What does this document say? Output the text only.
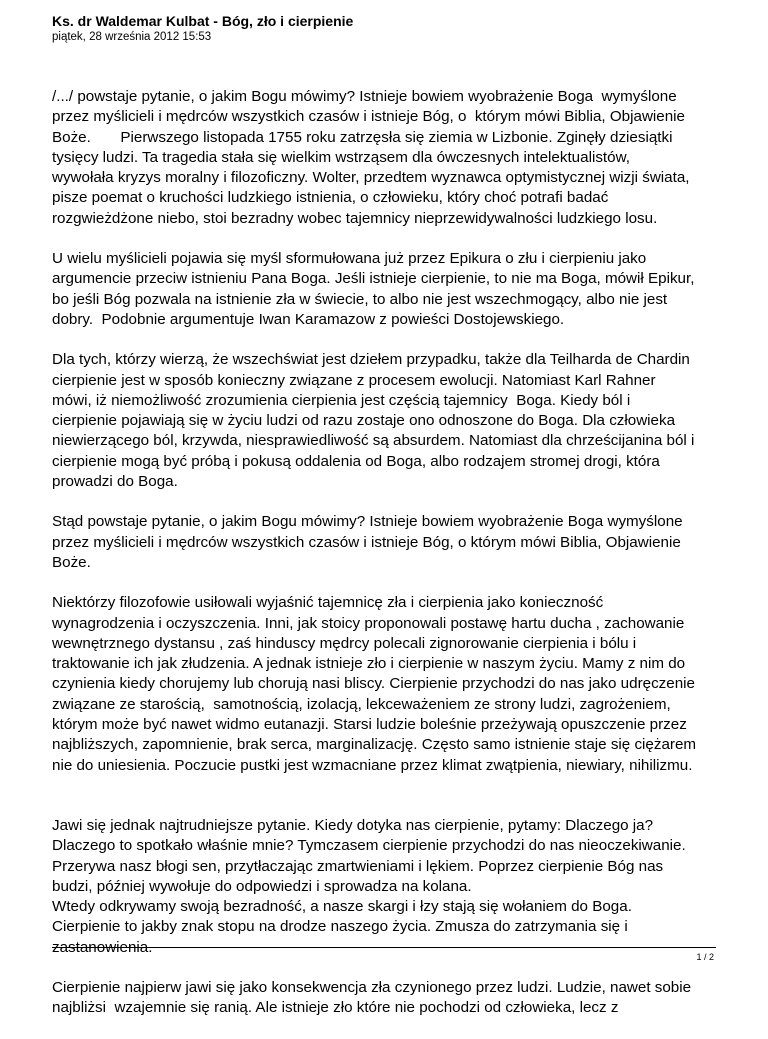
Ks. dr Waldemar Kulbat - Bóg, zło i cierpienie
piątek, 28 września 2012 15:53

/.../ powstaje pytanie, o jakim Bogu mówimy? Istnieje bowiem wyobrażenie Boga  wymyślone
przez myślicieli i mędrców wszystkich czasów i istnieje Bóg, o  którym mówi Biblia, Objawienie
Boże.       Pierwszego listopada 1755 roku zatrzęsła się ziemia w Lizbonie. Zginęły dziesiątki
tysięcy ludzi. Ta tragedia stała się wielkim wstrząsem dla ówczesnych intelektualistów,
wywołała kryzys moralny i filozoficzny. Wolter, przedtem wyznawca optymistycznej wizji świata,
pisze poemat o kruchości ludzkiego istnienia, o człowieku, który choć potrafi badać
rozgwieżdżone niebo, stoi bezradny wobec tajemnicy nieprzewidywalności ludzkiego losu.

U wielu myślicieli pojawia się myśl sformułowana już przez Epikura o złu i cierpieniu jako
argumencie przeciw istnieniu Pana Boga. Jeśli istnieje cierpienie, to nie ma Boga, mówił Epikur,
bo jeśli Bóg pozwala na istnienie zła w świecie, to albo nie jest wszechmogący, albo nie jest
dobry.  Podobnie argumentuje Iwan Karamazow z powieści Dostojewskiego.

Dla tych, którzy wierzą, że wszechświat jest dziełem przypadku, także dla Teilharda de Chardin
cierpienie jest w sposób konieczny związane z procesem ewolucji. Natomiast Karl Rahner
mówi, iż niemożliwość zrozumienia cierpienia jest częścią tajemnicy  Boga. Kiedy ból i
cierpienie pojawiają się w życiu ludzi od razu zostaje ono odnoszone do Boga. Dla człowieka
niewierzącego ból, krzywda, niesprawiedliwość są absurdem. Natomiast dla chrześcijanina ból i
cierpienie mogą być próbą i pokusą oddalenia od Boga, albo rodzajem stromej drogi, która
prowadzi do Boga.

Stąd powstaje pytanie, o jakim Bogu mówimy? Istnieje bowiem wyobrażenie Boga wymyślone
przez myślicieli i mędrców wszystkich czasów i istnieje Bóg, o którym mówi Biblia, Objawienie
Boże.

Niektórzy filozofowie usiłowali wyjaśnić tajemnicę zła i cierpienia jako konieczność
wynagrodzenia i oczyszczenia. Inni, jak stoicy proponowali postawę hartu ducha , zachowanie
wewnętrznego dystansu , zaś hinduscy mędrcy polecali zignorowanie cierpienia i bólu i
traktowanie ich jak złudzenia. A jednak istnieje zło i cierpienie w naszym życiu. Mamy z nim do
czynienia kiedy chorujemy lub chorują nasi bliscy. Cierpienie przychodzi do nas jako udręczenie
związane ze starością,  samotnością, izolacją, lekceważeniem ze strony ludzi, zagrożeniem,
którym może być nawet widmo eutanazji. Starsi ludzie boleśnie przeżywają opuszczenie przez
najbliższych, zapomnienie, brak serca, marginalizację. Często samo istnienie staje się ciężarem
nie do uniesienia. Poczucie pustki jest wzmacniane przez klimat zwątpienia, niewiary, nihilizmu.

Jawi się jednak najtrudniejsze pytanie. Kiedy dotyka nas cierpienie, pytamy: Dlaczego ja?
Dlaczego to spotkało właśnie mnie? Tymczasem cierpienie przychodzi do nas nieoczekiwanie.
Przerywa nasz błogi sen, przytłaczając zmartwieniami i lękiem. Poprzez cierpienie Bóg nas
budzi, później wywołuje do odpowiedzi i sprowadza na kolana.
Wtedy odkrywamy swoją bezradność, a nasze skargi i łzy stają się wołaniem do Boga.
Cierpienie to jakby znak stopu na drodze naszego życia. Zmusza do zatrzymania się i
zastanowienia.

Cierpienie najpierw jawi się jako konsekwencja zła czynionego przez ludzi. Ludzie, nawet sobie
najbliżsi  wzajemnie się ranią. Ale istnieje zło które nie pochodzi od człowieka, lecz z

1 / 2
